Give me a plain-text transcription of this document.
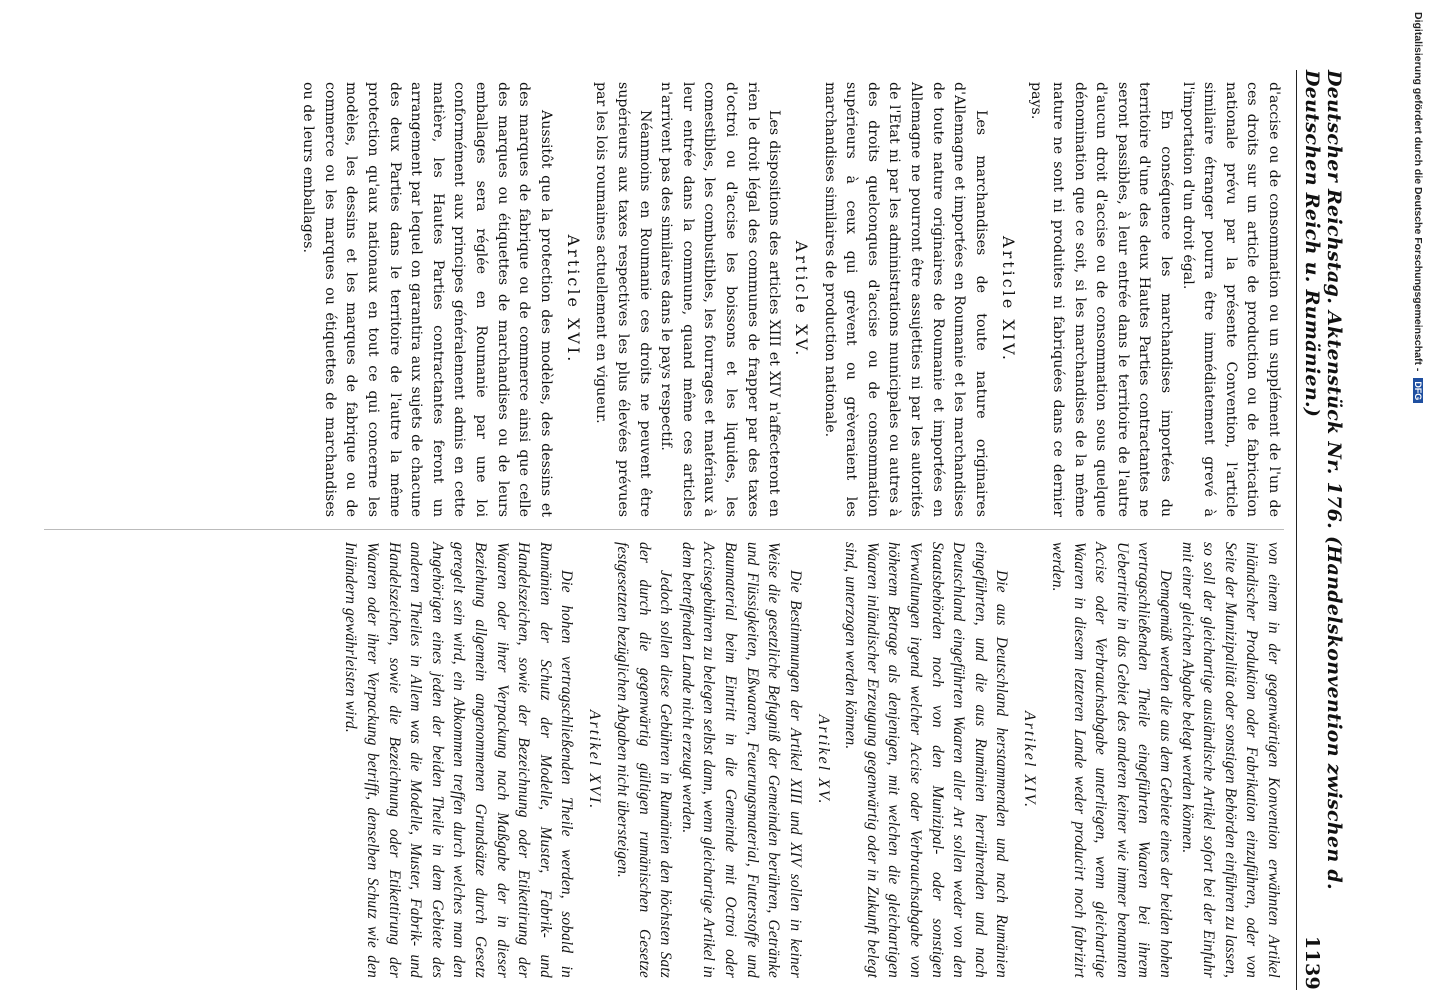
Deutscher Reichstag. Aktenstück Nr. 176. (Handelskonvention zwischen d. Deutschen Reich u. Rumänien.)
1139

d'accise ou de consommation ou un supplément de l'un de ces droits sur un article de production ou de fabrication nationale prévu par la présente Convention, l'article similaire étranger pourra être immédiatement grevé à l'importation d'un droit égal.

En conséquence les marchandises importées du territoire d'une des deux Hautes Parties contractantes ne seront passibles, à leur entrée dans le territoire de l'autre d'aucun droit d'accise ou de consommation sous quelque dénomination que ce soit, si les marchandises de la même nature ne sont ni produites ni fabriquées dans ce dernier pays.

Article XIV.

Les marchandises de toute nature originaires d'Allemagne et importées en Roumanie et les marchandises de toute nature originaires de Roumanie et importées en Allemagne ne pourront être assujetties ni par les autorités de l'Etat ni par les administrations municipales ou autres à des droits quelconques d'accise ou de consommation supérieurs à ceux qui grèvent ou grèveraient les marchandises similaires de production nationale.

Article XV.

Les dispositions des articles XIII et XIV n'affecteront en rien le droit légal des communes de frapper par des taxes d'octroi ou d'accise les boissons et les liquides, les comestibles, les combustibles, les fourrages et matériaux à leur entrée dans la commune, quand même ces articles n'arrivent pas des similaires dans le pays respectif.

Néanmoins en Roumanie ces droits ne peuvent être supérieurs aux taxes respectives les plus élevées prévues par les lois roumaines actuellement en vigueur.

Article XVI.

Aussitôt que la protection des modèles, des dessins et des marques de fabrique ou de commerce ainsi que celle des marques ou étiquettes de marchandises ou de leurs emballages sera réglée en Roumanie par une loi conformément aux principes généralement admis en cette matière, les Hautes Parties contractantes feront un arrangement par lequel on garantira aux sujets de chacune des deux Parties dans le territoire de l'autre la même protection qu'aux nationaux en tout ce qui concerne les modèles, les dessins et les marques de fabrique ou de commerce ou les marques ou étiquettes de marchandises ou de leurs emballages.

von einem in der gegenwärtigen Konvention erwähnten Artikel inländischer Produktion oder Fabrikation einzuführen, oder von Seite der Munizipalität oder sonstigen Behörden einführen zu lassen, so soll der gleichartige ausländische Artikel sofort bei der Einfuhr mit einer gleichen Abgabe belegt werden können.

Demgemäß werden die aus dem Gebiete eines der beiden hohen vertragschließenden Theile eingeführten Waaren bei ihrem Uebertritte in das Gebiet des anderen keiner wie immer benannten Accise oder Verbrauchsabgabe unterliegen, wenn gleichartige Waaren in diesem letzteren Lande weder producirt noch fabrizirt werden.

Artikel XIV.

Die aus Deutschland herstammenden und nach Rumänien eingeführten, und die aus Rumänien herrührenden und nach Deutschland eingeführten Waaren aller Art sollen weder von den Staatsbehörden noch von den Munizipal- oder sonstigen Verwaltungen irgend welcher Accise oder Verbrauchsabgabe von höherem Betrage als denjenigen, mit welchen die gleichartigen Waaren inländischer Erzeugung gegenwärtig oder in Zukunft belegt sind, unterzogen werden können.

Artikel XV.

Die Bestimmungen der Artikel XIII und XIV sollen in keiner Weise die gesetzliche Befugniß der Gemeinden berühren, Getränke und Flüssigkeiten, Eßwaaren, Feuerungsmaterial, Futterstoffe und Baumaterial beim Eintritt in die Gemeinde mit Octroi oder Accisegebühren zu belegen selbst dann, wenn gleichartige Artikel in dem betreffenden Lande nicht erzeugt werden.

Jedoch sollen diese Gebühren in Rumänien den höchsten Satz der durch die gegenwärtig gültigen rumänischen Gesetze festgesetzten bezüglichen Abgaben nicht übersteigen.

Artikel XVI.

Die hohen vertragschließenden Theile werden, sobald in Rumänien der Schutz der Modelle, Muster, Fabrik- und Handelszeichen, sowie der Bezeichnung oder Etikettirung der Waaren oder ihrer Verpackung nach Maßgabe der in dieser Beziehung allgemein angenommenen Grundsätze durch Gesetz geregelt sein wird, ein Abkommen treffen durch welches man den Angehörigen eines jeden der beiden Theile in dem Gebiete des anderen Theiles in Allem was die Modelle, Muster, Fabrik- und Handelszeichen, sowie die Bezeichnung oder Etikettirung der Waaren oder ihrer Verpackung betrifft, denselben Schutz wie den Inländern gewährleisten wird.

Digitalisierung gefördert durch die Deutsche Forschungsgemeinschaft - DFG
